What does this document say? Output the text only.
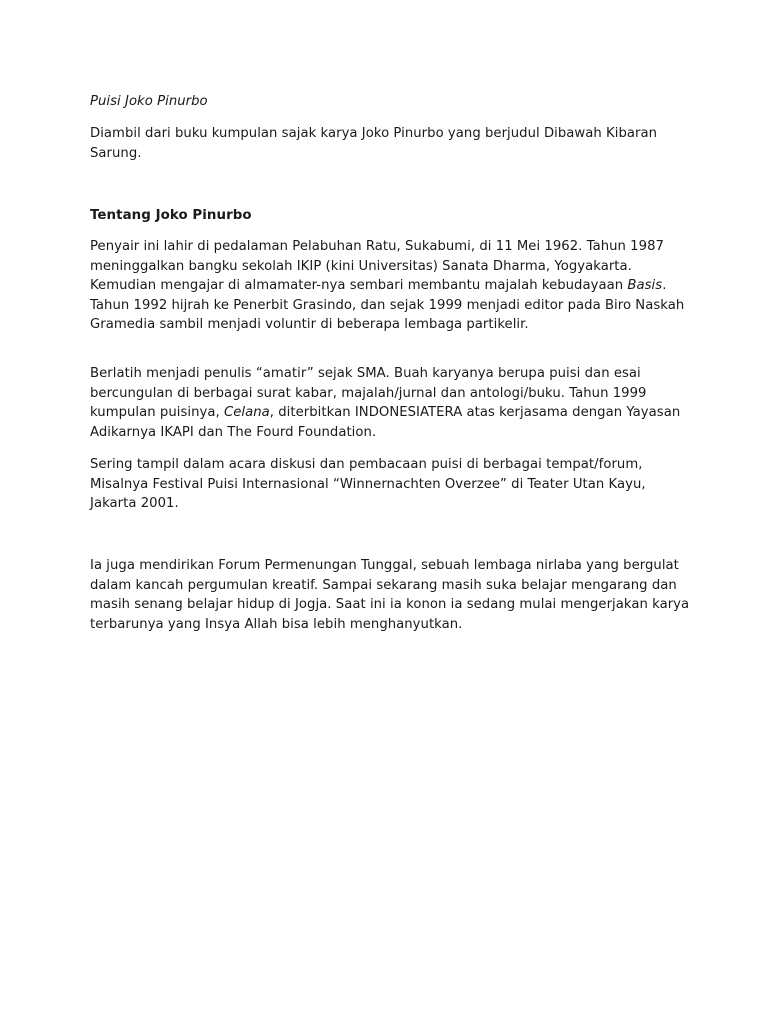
Puisi Joko Pinurbo

Diambil dari buku kumpulan sajak karya Joko Pinurbo yang berjudul Dibawah Kibaran Sarung.

Tentang Joko Pinurbo

Penyair ini lahir di pedalaman Pelabuhan Ratu, Sukabumi, di 11 Mei 1962. Tahun 1987 meninggalkan bangku sekolah IKIP (kini Universitas) Sanata Dharma, Yogyakarta. Kemudian mengajar di almamater-nya sembari membantu majalah kebudayaan Basis. Tahun 1992 hijrah ke Penerbit Grasindo, dan sejak 1999 menjadi editor pada Biro Naskah Gramedia sambil menjadi voluntir di beberapa lembaga partikelir.

Berlatih menjadi penulis “amatir” sejak SMA. Buah karyanya berupa puisi dan esai bercungulan di berbagai surat kabar, majalah/jurnal dan antologi/buku. Tahun 1999 kumpulan puisinya, Celana, diterbitkan INDONESIATERA atas kerjasama dengan Yayasan Adikarnya IKAPI dan The Fourd Foundation.

Sering tampil dalam acara diskusi dan pembacaan puisi di berbagai tempat/forum, Misalnya Festival Puisi Internasional “Winnernachten Overzee” di Teater Utan Kayu, Jakarta 2001.

Ia juga mendirikan Forum Permenungan Tunggal, sebuah lembaga nirlaba yang bergulat dalam kancah pergumulan kreatif. Sampai sekarang masih suka belajar mengarang dan masih senang belajar hidup di Jogja. Saat ini ia konon ia sedang mulai mengerjakan karya terbarunya yang Insya Allah bisa lebih menghanyutkan.
